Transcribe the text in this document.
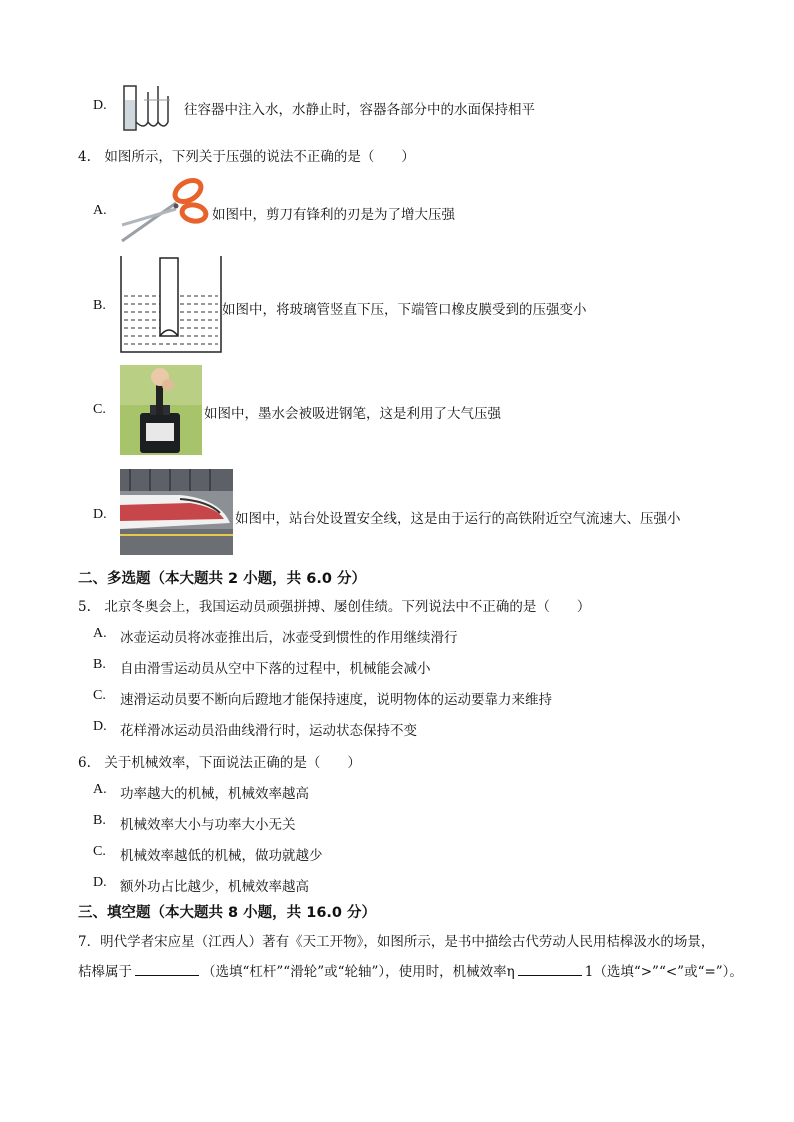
D.	往容器中注入水，水静止时，容器各部分中的水面保持相平
4.　如图所示，下列关于压强的说法不正确的是（　　）
A.	如图中，剪刀有锋利的刃是为了增大压强
B.	如图中，将玻璃管竖直下压，下端管口橡皮膜受到的压强变小
C.	如图中，墨水会被吸进钢笔，这是利用了大气压强
D.	如图中，站台处设置安全线，这是由于运行的高铁附近空气流速大、压强小
二、多选题（本大题共 2 小题，共 6.0 分）
5.　北京冬奥会上，我国运动员顽强拼搏、屡创佳绩。下列说法中不正确的是（　　）
A. 冰壶运动员将冰壶推出后，冰壶受到惯性的作用继续滑行
B. 自由滑雪运动员从空中下落的过程中，机械能会减小
C. 速滑运动员要不断向后蹬地才能保持速度，说明物体的运动要靠力来维持
D. 花样滑冰运动员沿曲线滑行时，运动状态保持不变
6.　关于机械效率，下面说法正确的是（　　）
A. 功率越大的机械，机械效率越高
B. 机械效率大小与功率大小无关
C. 机械效率越低的机械，做功就越少
D. 额外功占比越少，机械效率越高
三、填空题（本大题共 8 小题，共 16.0 分）
7．明代学者宋应星（江西人）著有《天工开物》，如图所示，是书中描绘古代劳动人民用桔槔汲水的场景，
桔槔属于	（选填“杠杆”“滑轮”或“轮轴”），使用时，机械效率η	1（选填“>”“<”或“=”）。
